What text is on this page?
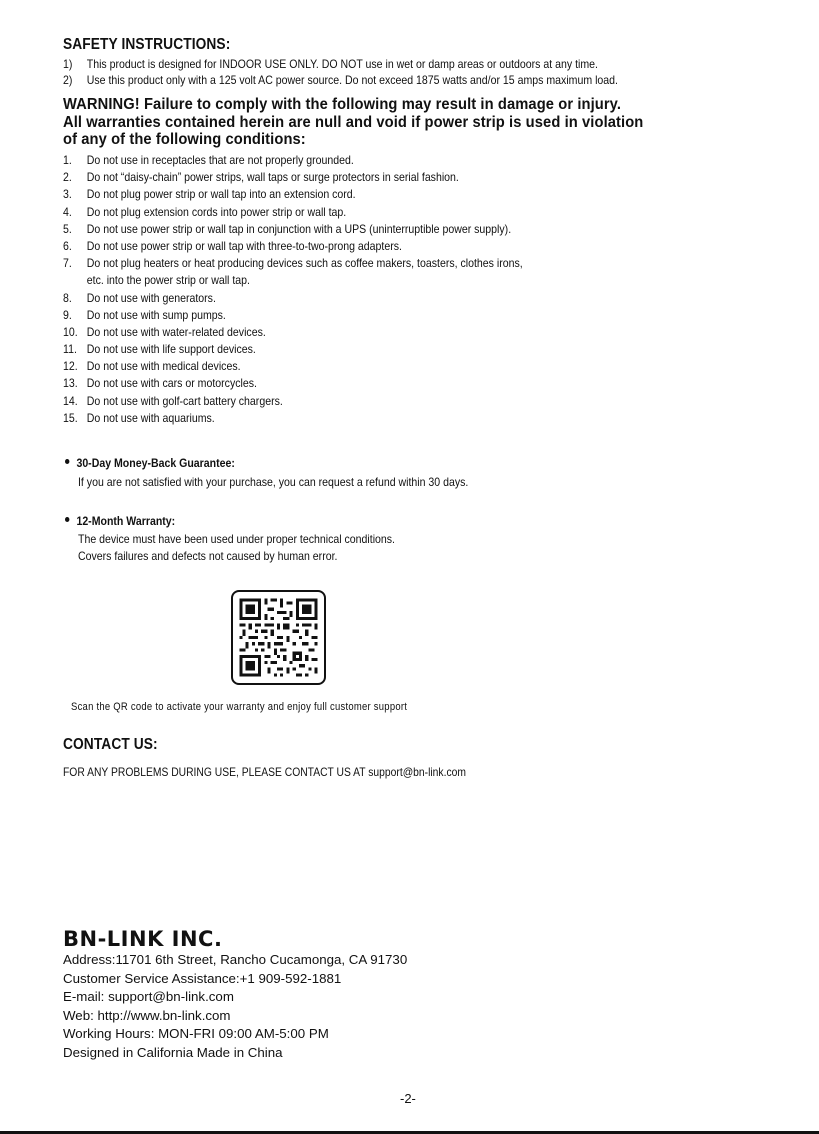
SAFETY INSTRUCTIONS:
1) This product is designed for INDOOR USE ONLY. DO NOT use in wet or damp areas or outdoors at any time.
2) Use this product only with a 125 volt AC power source. Do not exceed 1875 watts and/or 15 amps maximum load.
WARNING! Failure to comply with the following may result in damage or injury.
All warranties contained herein are null and void if power strip is used in violation
of any of the following conditions:
1. Do not use in receptacles that are not properly grounded.
2. Do not “daisy-chain” power strips, wall taps or surge protectors in serial fashion.
3. Do not plug power strip or wall tap into an extension cord.
4. Do not plug extension cords into power strip or wall tap.
5. Do not use power strip or wall tap in conjunction with a UPS (uninterruptible power supply).
6. Do not use power strip or wall tap with three-to-two-prong adapters.
7. Do not plug heaters or heat producing devices such as coffee makers, toasters, clothes irons,
etc. into the power strip or wall tap.
8. Do not use with generators.
9. Do not use with sump pumps.
10. Do not use with water-related devices.
11. Do not use with life support devices.
12. Do not use with medical devices.
13. Do not use with cars or motorcycles.
14. Do not use with golf-cart battery chargers.
15. Do not use with aquariums.
30-Day Money-Back Guarantee:
If you are not satisfied with your purchase, you can request a refund within 30 days.
12-Month Warranty:
The device must have been used under proper technical conditions.
Covers failures and defects not caused by human error.
Scan the QR code to activate your warranty and enjoy full customer support
CONTACT US:
FOR ANY PROBLEMS DURING USE, PLEASE CONTACT US AT support@bn-link.com
BN-LINK INC.
Address:11701 6th Street, Rancho Cucamonga, CA 91730
Customer Service Assistance:+1 909-592-1881
E-mail: support@bn-link.com
Web: http://www.bn-link.com
Working Hours: MON-FRI 09:00 AM-5:00 PM
Designed in California Made in China
-2-
